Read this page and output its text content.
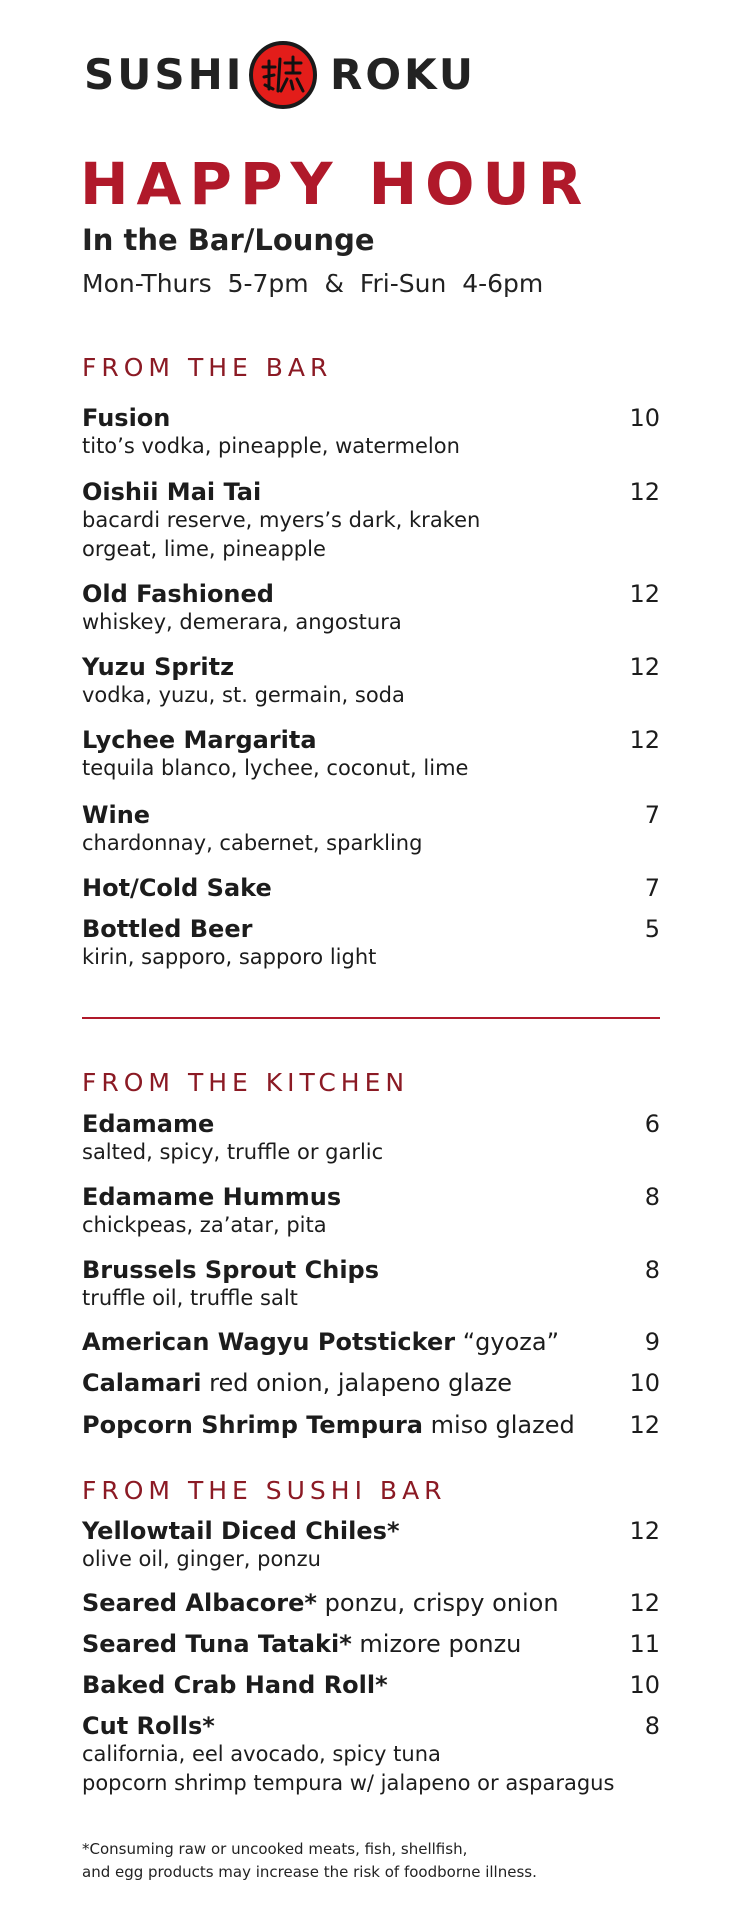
SUSHI ROKU
HAPPY HOUR
In the Bar/Lounge
Mon-Thurs  5-7pm  &  Fri-Sun  4-6pm
FROM THE BAR
Fusion	10
tito’s vodka, pineapple, watermelon
Oishii Mai Tai	12
bacardi reserve, myers’s dark, kraken
orgeat, lime, pineapple
Old Fashioned	12
whiskey, demerara, angostura
Yuzu Spritz	12
vodka, yuzu, st. germain, soda
Lychee Margarita	12
tequila blanco, lychee, coconut, lime
Wine	7
chardonnay, cabernet, sparkling
Hot/Cold Sake	7
Bottled Beer	5
kirin, sapporo, sapporo light
FROM THE KITCHEN
Edamame	6
salted, spicy, truffle or garlic
Edamame Hummus	8
chickpeas, za’atar, pita
Brussels Sprout Chips	8
truffle oil, truffle salt
American Wagyu Potsticker “gyoza”	9
Calamari red onion, jalapeno glaze	10
Popcorn Shrimp Tempura miso glazed 12
FROM THE SUSHI BAR
Yellowtail Diced Chiles*	12
olive oil, ginger, ponzu
Seared Albacore* ponzu, crispy onion	12
Seared Tuna Tataki* mizore ponzu	11
Baked Crab Hand Roll*	10
Cut Rolls*	8
california, eel avocado, spicy tuna
popcorn shrimp tempura w/ jalapeno or asparagus
*Consuming raw or uncooked meats, fish, shellfish,
and egg products may increase the risk of foodborne illness.
